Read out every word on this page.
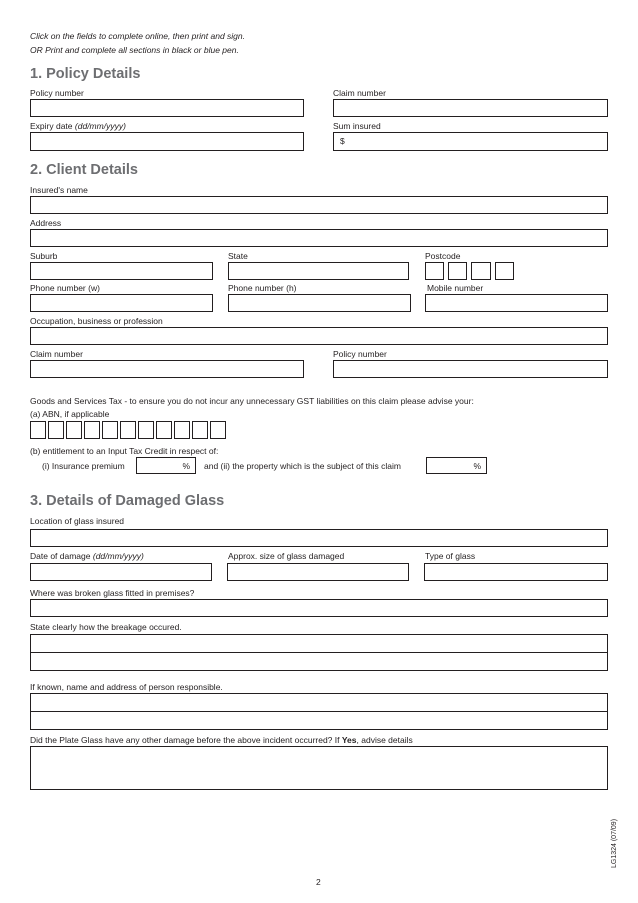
Click on the fields to complete online, then print and sign.
OR Print and complete all sections in black or blue pen.
1. Policy Details
Policy number	Claim number
Expiry date (dd/mm/yyyy)	Sum insured
$
2. Client Details
Insured's name
Address
Suburb	State	Postcode
Phone number (w)	Phone number (h)	Mobile number
Occupation, business or profession
Claim number	Policy number
Goods and Services Tax - to ensure you do not incur any unnecessary GST liabilities on this claim please advise your:
(a) ABN, if applicable
(b) entitlement to an Input Tax Credit in respect of:
(i) Insurance premium	% and (ii) the property which is the subject of this claim	%
3. Details of Damaged Glass
Location of glass insured
Date of damage (dd/mm/yyyy)	Approx. size of glass damaged	Type of glass
Where was broken glass fitted in premises?
State clearly how the breakage occured.
If known, name and address of person responsible.
Did the Plate Glass have any other damage before the above incident occurred? If Yes, advise details
2
LG1324 (07/09)
